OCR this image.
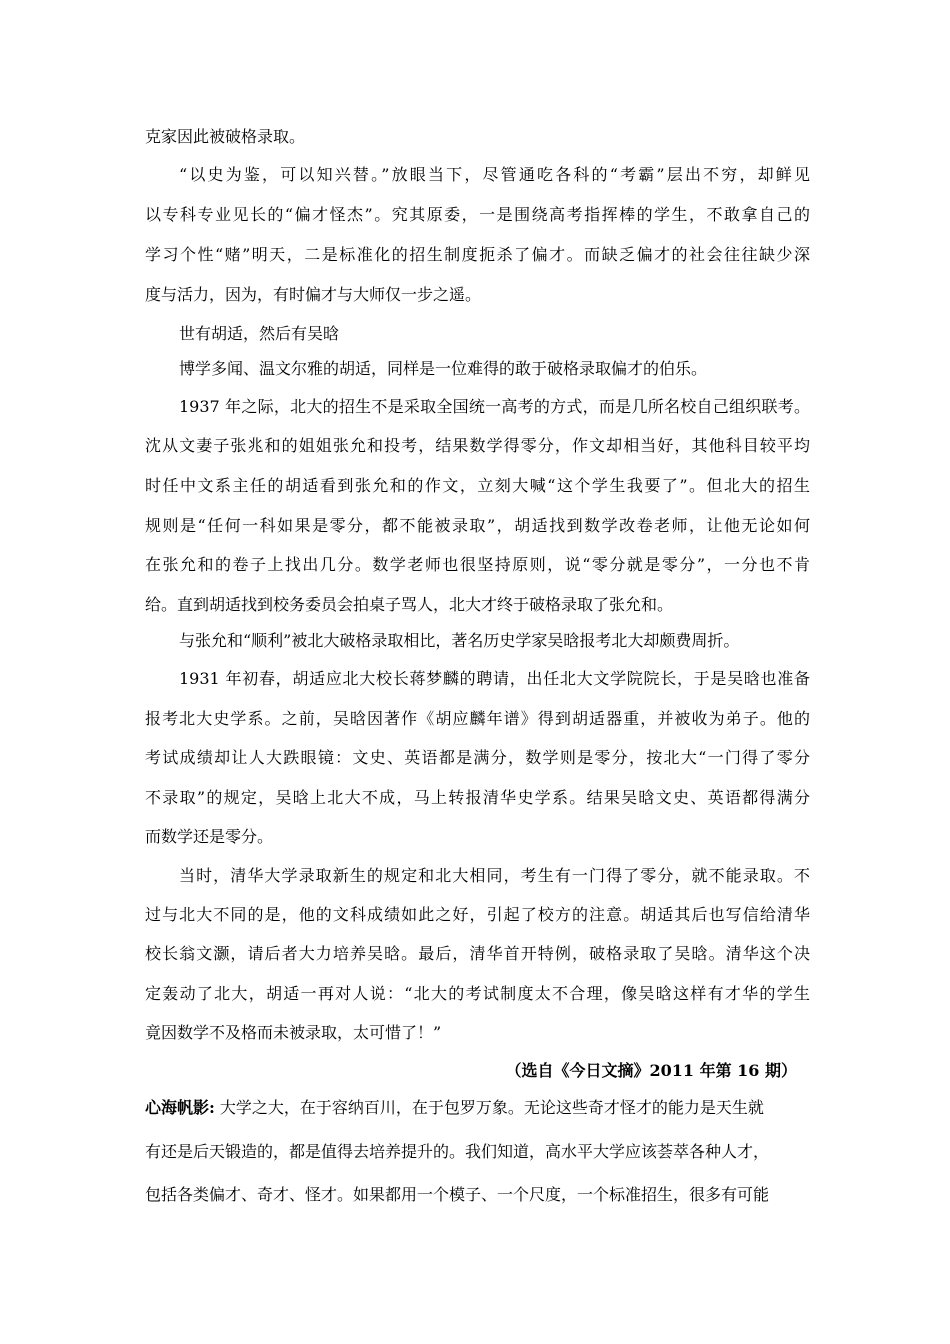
克家因此被破格录取。
“以史为鉴，可以知兴替。”放眼当下，尽管通吃各科的“考霸”层出不穷，却鲜见
以专科专业见长的“偏才怪杰”。究其原委，一是围绕高考指挥棒的学生，不敢拿自己的
学习个性“赌”明天，二是标准化的招生制度扼杀了偏才。而缺乏偏才的社会往往缺少深
度与活力，因为，有时偏才与大师仅一步之遥。
世有胡适，然后有吴晗
博学多闻、温文尔雅的胡适，同样是一位难得的敢于破格录取偏才的伯乐。
1937 年之际，北大的招生不是采取全国统一高考的方式，而是几所名校自己组织联考。
沈从文妻子张兆和的姐姐张允和投考，结果数学得零分，作文却相当好，其他科目较平均
时任中文系主任的胡适看到张允和的作文，立刻大喊“这个学生我要了”。但北大的招生
规则是“任何一科如果是零分，都不能被录取”，胡适找到数学改卷老师，让他无论如何
在张允和的卷子上找出几分。数学老师也很坚持原则，说“零分就是零分”，一分也不肯
给。直到胡适找到校务委员会拍桌子骂人，北大才终于破格录取了张允和。
与张允和“顺利”被北大破格录取相比，著名历史学家吴晗报考北大却颇费周折。
1931 年初春，胡适应北大校长蒋梦麟的聘请，出任北大文学院院长，于是吴晗也准备
报考北大史学系。之前，吴晗因著作《胡应麟年谱》得到胡适器重，并被收为弟子。他的
考试成绩却让人大跌眼镜：文史、英语都是满分，数学则是零分，按北大“一门得了零分
不录取”的规定，吴晗上北大不成，马上转报清华史学系。结果吴晗文史、英语都得满分
而数学还是零分。
当时，清华大学录取新生的规定和北大相同，考生有一门得了零分，就不能录取。不
过与北大不同的是，他的文科成绩如此之好，引起了校方的注意。胡适其后也写信给清华
校长翁文灏，请后者大力培养吴晗。最后，清华首开特例，破格录取了吴晗。清华这个决
定轰动了北大，胡适一再对人说：“北大的考试制度太不合理，像吴晗这样有才华的学生
竟因数学不及格而未被录取，太可惜了！”
（选自《今日文摘》2011 年第 16 期）
心海帆影: 大学之大，在于容纳百川，在于包罗万象。无论这些奇才怪才的能力是天生就
有还是后天锻造的，都是值得去培养提升的。我们知道，高水平大学应该荟萃各种人才，
包括各类偏才、奇才、怪才。如果都用一个模子、一个尺度，一个标准招生，很多有可能
